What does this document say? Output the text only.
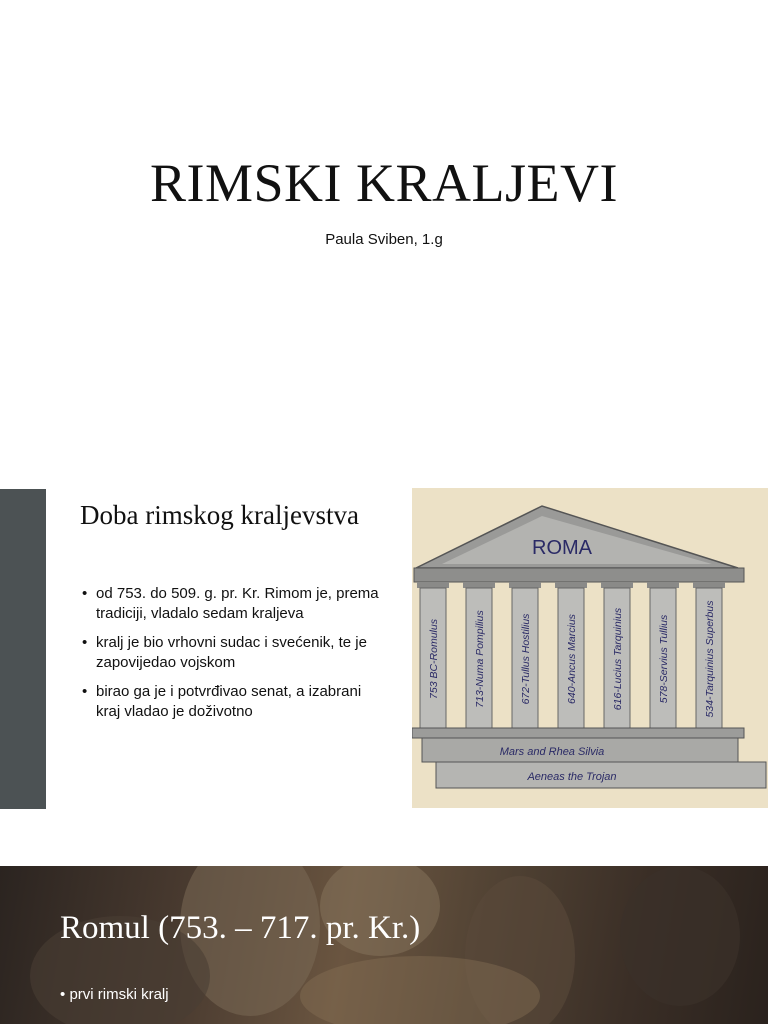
RIMSKI KRALJEVI
Paula Sviben, 1.g
Doba rimskog kraljevstva
• od 753. do 509. g. pr. Kr. Rimom je, prema tradiciji, vladalo sedam kraljeva
• kralj je bio vrhovni sudac i svećenik, te je zapovijedao vojskom
• birao ga je i potvrđivao senat, a izabrani kraj vladao je doživotno
ROMA
753 BC-Romulus	713-Numa Pompilius	672-Tullus Hostilius	640-Ancus Marcius	616-Lucius Tarquinius	578-Servius Tullius	534-Tarquinius Superbus
Mars and Rhea Silvia
Aeneas the Trojan
Romul (753. – 717. pr. Kr.)
• prvi rimski kralj
